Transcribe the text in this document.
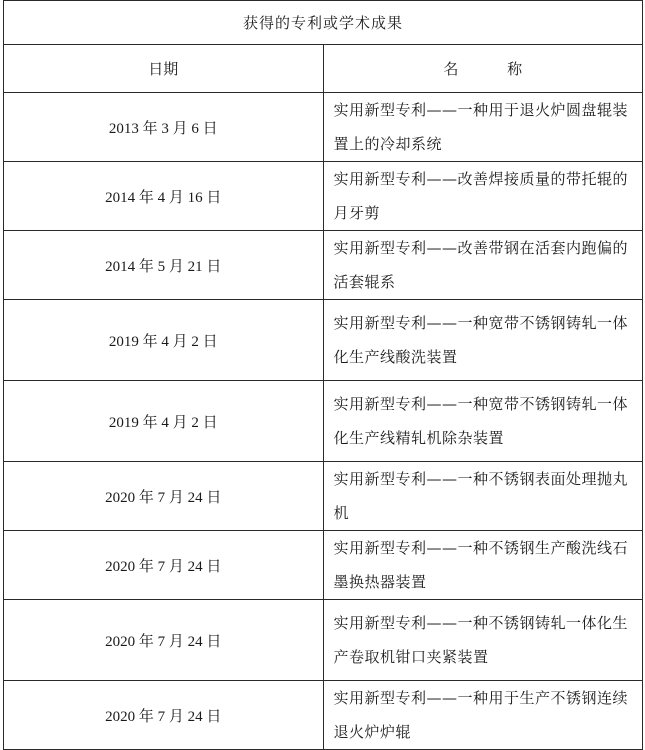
获得的专利或学术成果	
日期	名 称
2013 年 3 月 6 日	实用新型专利——一种用于退火炉圆盘辊装置上的冷却系统
2014 年 4 月 16 日	实用新型专利——改善焊接质量的带托辊的月牙剪
2014 年 5 月 21 日	实用新型专利——改善带钢在活套内跑偏的活套辊系
2019 年 4 月 2 日	实用新型专利——一种宽带不锈钢铸轧一体化生产线酸洗装置
2019 年 4 月 2 日	实用新型专利——一种宽带不锈钢铸轧一体化生产线精轧机除杂装置
2020 年 7 月 24 日	实用新型专利——一种不锈钢表面处理抛丸机
2020 年 7 月 24 日	实用新型专利——一种不锈钢生产酸洗线石墨换热器装置
2020 年 7 月 24 日	实用新型专利——一种不锈钢铸轧一体化生产卷取机钳口夹紧装置
2020 年 7 月 24 日	实用新型专利——一种用于生产不锈钢连续退火炉炉辊
